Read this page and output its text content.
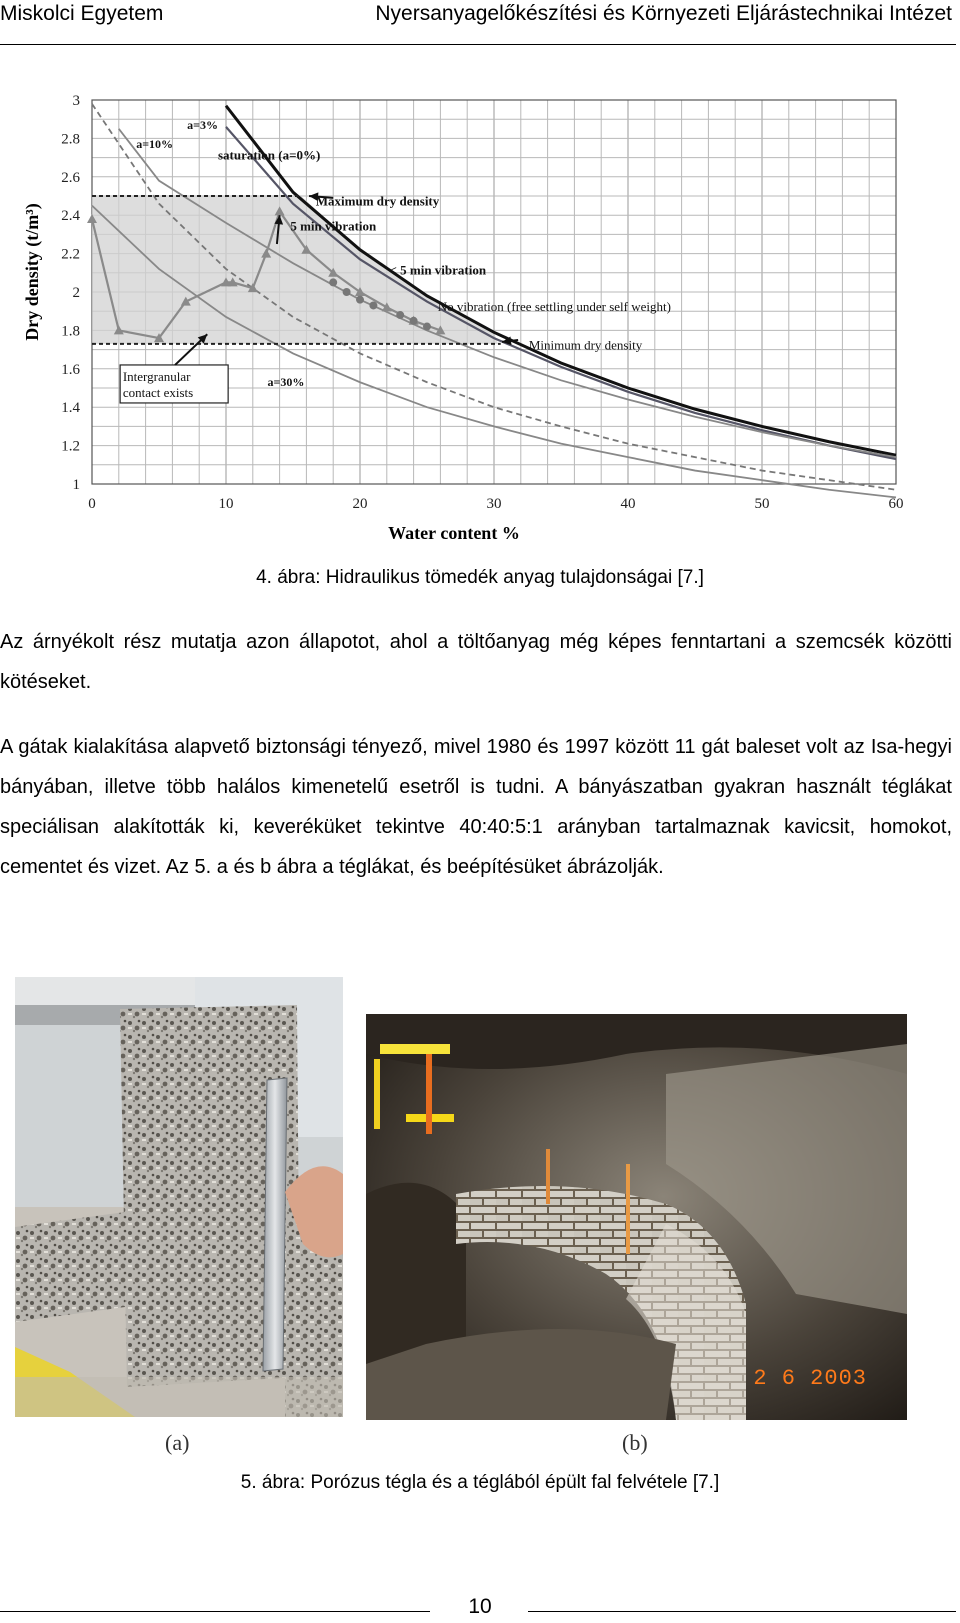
Miskolci Egyetem	Nyersanyagelőkészítési és Környezeti Eljárástechnikai Intézet
0	10	20	30	40	50	60
1
1.2
1.4
1.6
1.8
2
2.2
2.4
2.6
2.8
3
Water content %
Dry density (t/m³)
a=3%
a=10%
saturation (a=0%)
Maximum dry density
5 min vibration
< 5 min vibration
No vibration (free settling under self weight)
Minimum dry density
a=30%
Intergranular
contact exists
4. ábra: Hidraulikus tömedék anyag tulajdonságai [7.]
Az árnyékolt rész mutatja azon állapotot, ahol a töltőanyag még képes fenntartani a szemcsék közötti kötéseket.
A gátak kialakítása alapvető biztonsági tényező, mivel 1980 és 1997 között 11 gát baleset volt az Isa-hegyi bányában, illetve több halálos kimenetelű esetről is tudni. A bányászatban gyakran használt téglákat speciálisan alakították ki, keveréküket tekintve 40:40:5:1 arányban tartalmaznak kavicsit, homokot, cementet és vizet. Az 5. a és b ábra a téglákat, és beépítésüket ábrázolják.
(a)
2 6 2003
(b)
5. ábra: Porózus tégla és a téglából épült fal felvétele [7.]
10
